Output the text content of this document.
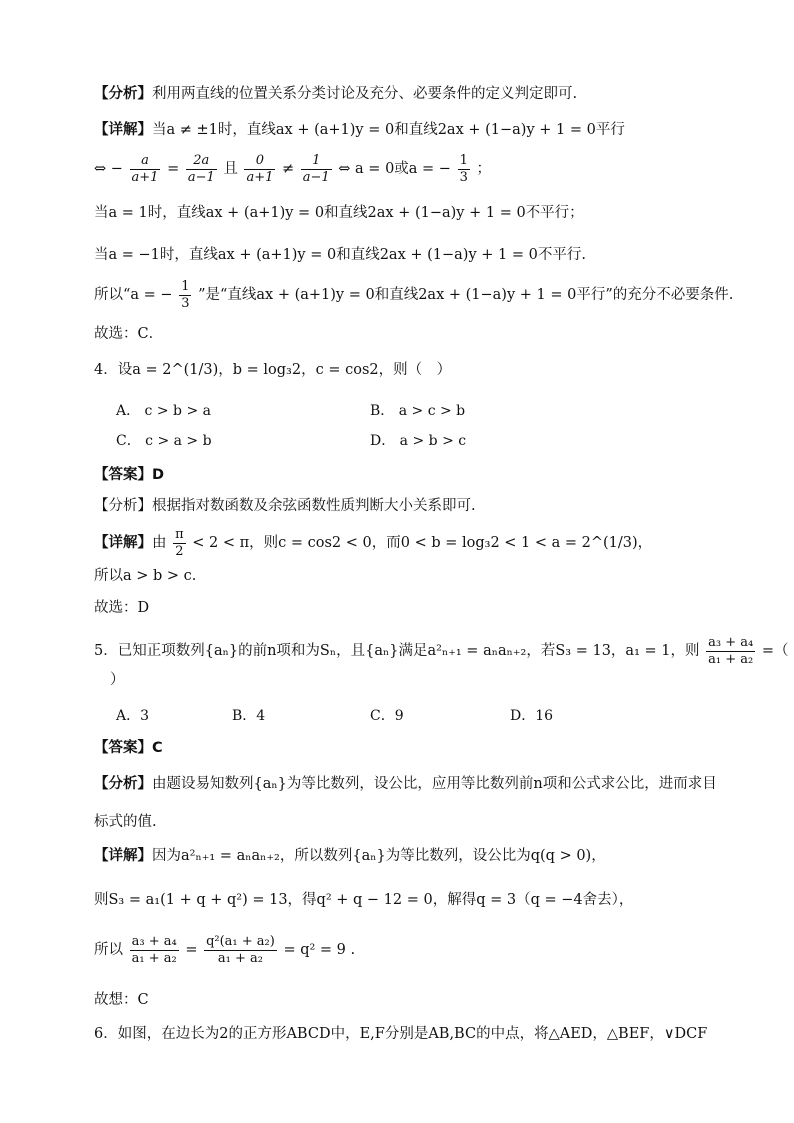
【分析】利用两直线的位置关系分类讨论及充分、必要条件的定义判定即可.
【详解】当a ≠ ±1时，直线ax + (a+1)y = 0和直线2ax + (1−a)y + 1 = 0平行
⇔ − $\frac{a}{a+1} = \frac{2a}{a-1}$ 且 $\frac{0}{a+1} \ne \frac{1}{a-1}$ ⇔ a = 0或a = − $\frac{1}{3}$ ；
当a = 1时，直线ax + (a+1)y = 0和直线2ax + (1−a)y + 1 = 0不平行；
当a = −1时，直线ax + (a+1)y = 0和直线2ax + (1−a)y + 1 = 0不平行.
所以“a = − $\frac{1}{3}$ ”是“直线ax + (a+1)y = 0和直线2ax + (1−a)y + 1 = 0平行”的充分不必要条件.
故选：C．
4．设a = 2^(1/3)，b = log₃2，c = cos2，则（　）
A． c > b > a	B． a > c > b
C． c > a > b	D． a > b > c
【答案】D
【分析】根据指对数函数及余弦函数性质判断大小关系即可.
【详解】由 $\frac{\pi}{2} < 2 < \pi$，则c = cos2 < 0，而0 < b = log₃2 < 1 < a = 2^(1/3)，
所以a > b > c.
故选：D
5．已知正项数列{aₙ}的前n项和为Sₙ，且{aₙ}满足a²ₙ₊₁ = aₙaₙ₊₂，若S₃ = 13，a₁ = 1，则 $\frac{\text{a₃ + a₄}}{\text{a₁ + a₂}}$ =（
）
A．3	B．4	C．9	D．16
【答案】C
【分析】由题设易知数列{aₙ}为等比数列，设公比，应用等比数列前n项和公式求公比，进而求目
标式的值.
【详解】因为a²ₙ₊₁ = aₙaₙ₊₂，所以数列{aₙ}为等比数列，设公比为q(q > 0)，
则S₃ = a₁(1 + q + q²) = 13，得q² + q − 12 = 0，解得q = 3（q = −4舍去），
所以 $\frac{\text{a₃ + a₄}}{\text{a₁ + a₂}} = \frac{\text{q²(a₁ + a₂)}}{\text{a₁ + a₂}} = q^2 = 9$ .
故想：C
6．如图，在边长为2的正方形ABCD中，E,F分别是AB,BC的中点，将△AED，△BEF，∨DCF
